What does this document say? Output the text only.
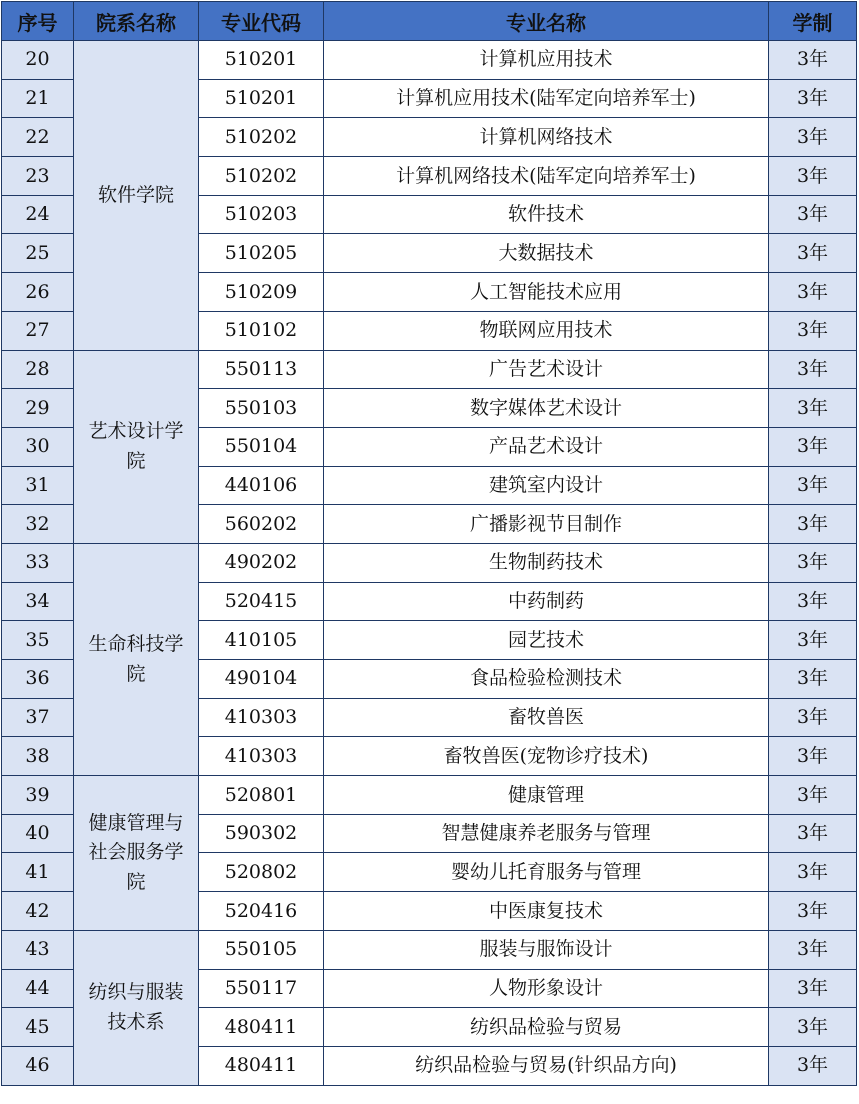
序号	院系名称	专业代码	专业名称	学制
20	软件学院	510201	计算机应用技术	3年
21		510201	计算机应用技术(陆军定向培养军士)	3年
22		510202	计算机网络技术	3年
23		510202	计算机网络技术(陆军定向培养军士)	3年
24		510203	软件技术	3年
25		510205	大数据技术	3年
26		510209	人工智能技术应用	3年
27		510102	物联网应用技术	3年
28	艺术设计学院	550113	广告艺术设计	3年
29		550103	数字媒体艺术设计	3年
30		550104	产品艺术设计	3年
31		440106	建筑室内设计	3年
32		560202	广播影视节目制作	3年
33	生命科技学院	490202	生物制药技术	3年
34		520415	中药制药	3年
35		410105	园艺技术	3年
36		490104	食品检验检测技术	3年
37		410303	畜牧兽医	3年
38		410303	畜牧兽医(宠物诊疗技术)	3年
39	健康管理与社会服务学院	520801	健康管理	3年
40		590302	智慧健康养老服务与管理	3年
41		520802	婴幼儿托育服务与管理	3年
42		520416	中医康复技术	3年
43	纺织与服装技术系	550105	服装与服饰设计	3年
44		550117	人物形象设计	3年
45		480411	纺织品检验与贸易	3年
46		480411	纺织品检验与贸易(针织品方向)	3年
